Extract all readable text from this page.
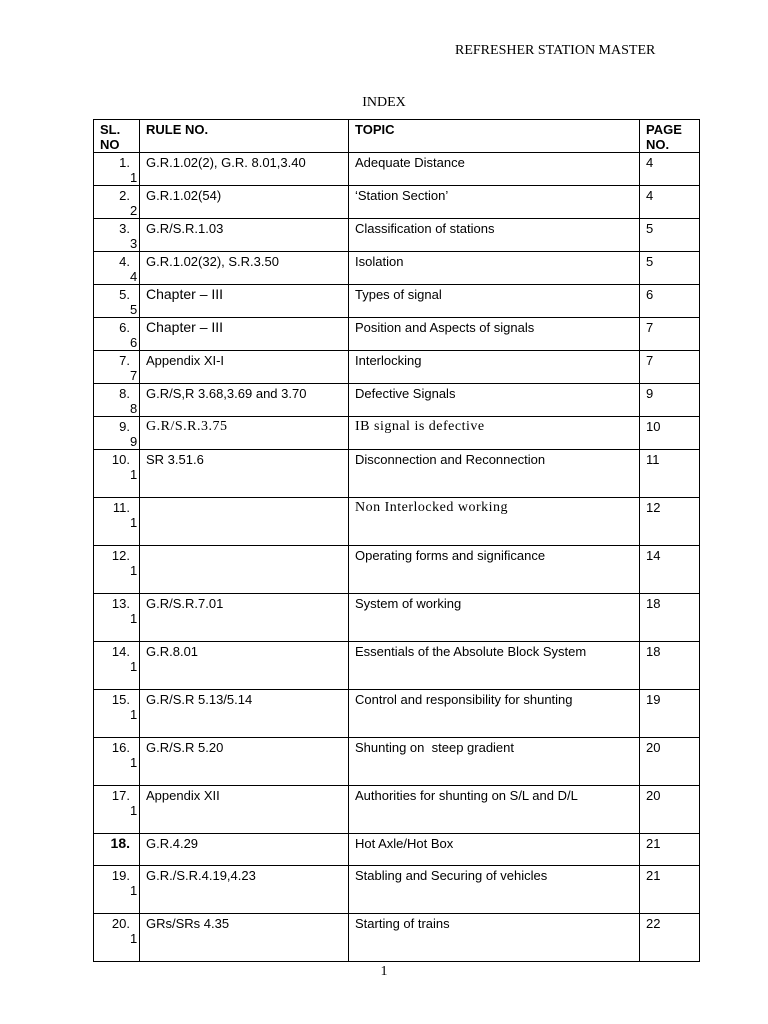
REFRESHER STATION MASTER
INDEX
SL. NO	RULE NO.	TOPIC	PAGE NO.

1.
1	G.R.1.02(2), G.R. 8.01,3.40	Adequate Distance	4

2.
2	G.R.1.02(54)	‘Station Section’	4

3.
3	G.R/S.R.1.03	Classification of stations	5

4.
4	G.R.1.02(32), S.R.3.50	Isolation	5

5.
5	Chapter – III	Types of signal	6

6.
6	Chapter – III	Position and Aspects of signals	7

7.
7	Appendix XI-I	Interlocking	7

8.
8	G.R/S,R 3.68,3.69 and 3.70	Defective Signals	9

9.
9	G.R/S.R.3.75	IB signal is defective	10

10.
1	SR 3.51.6	Disconnection and Reconnection	11

11.
1		Non Interlocked working	12

12.
1		Operating forms and significance	14

13.
1	G.R/S.R.7.01	System of working	18

14.
1	G.R.8.01	Essentials of the Absolute Block System	18

15.
1	G.R/S.R 5.13/5.14	Control and responsibility for shunting	19

16.
1	G.R/S.R 5.20	Shunting on  steep gradient	20

17.
1	Appendix XII	Authorities for shunting on S/L and D/L	20

18.	G.R.4.29	Hot Axle/Hot Box	21

19.
1	G.R./S.R.4.19,4.23	Stabling and Securing of vehicles	21

20.
1	GRs/SRs 4.35	Starting of trains	22
1
